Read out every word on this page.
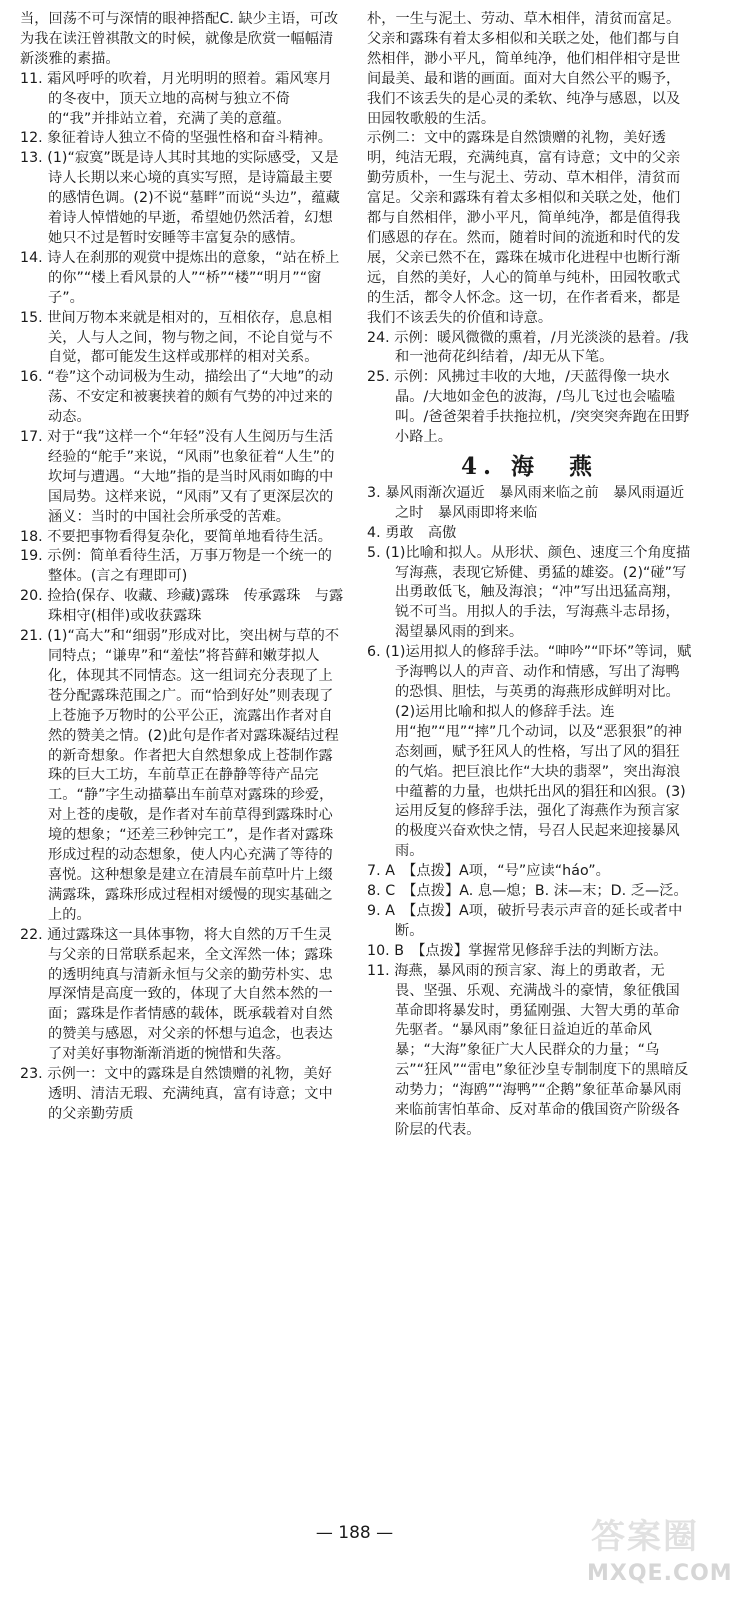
当，回荡不可与深情的眼神搭配C. 缺少主语，可改为我在读汪曾祺散文的时候，就像是欣赏一幅幅清新淡雅的素描。

11. 霜风呼呼的吹着，月光明明的照着。霜风寒月的冬夜中，顶天立地的高树与独立不倚的“我”并排站立着，充满了美的意蕴。

12. 象征着诗人独立不倚的坚强性格和奋斗精神。

13. (1)“寂寞”既是诗人其时其地的实际感受，又是诗人长期以来心境的真实写照，是诗篇最主要的感情色调。(2)不说“墓畔”而说“头边”，蕴藏着诗人悼惜她的早逝，希望她仍然活着，幻想她只不过是暂时安睡等丰富复杂的感情。

14. 诗人在刹那的观赏中提炼出的意象，“站在桥上的你”“楼上看风景的人”“桥”“楼”“明月”“窗子”。

15. 世间万物本来就是相对的，互相依存，息息相关，人与人之间，物与物之间，不论自觉与不自觉，都可能发生这样或那样的相对关系。

16. “卷”这个动词极为生动，描绘出了“大地”的动荡、不安定和被裹挟着的颇有气势的冲过来的动态。

17. 对于“我”这样一个“年轻”没有人生阅历与生活经验的“舵手”来说，“风雨”也象征着“人生”的坎坷与遭遇。“大地”指的是当时风雨如晦的中国局势。这样来说，“风雨”又有了更深层次的涵义：当时的中国社会所承受的苦难。

18. 不要把事物看得复杂化，要简单地看待生活。

19. 示例：简单看待生活，万事万物是一个统一的整体。(言之有理即可)

20. 捡拾(保存、收藏、珍藏)露珠　传承露珠　与露珠相守(相伴)或收获露珠

21. (1)“高大”和“细弱”形成对比，突出树与草的不同特点；“谦卑”和“羞怯”将苔藓和嫩芽拟人化，体现其不同情态。这一组词充分表现了上苍分配露珠范围之广。而“恰到好处”则表现了上苍施予万物时的公平公正，流露出作者对自然的赞美之情。(2)此句是作者对露珠凝结过程的新奇想象。作者把大自然想象成上苍制作露珠的巨大工坊，车前草正在静静等待产品完工。“静”字生动描摹出车前草对露珠的珍爱，对上苍的虔敬，是作者对车前草得到露珠时心境的想象；“还差三秒钟完工”，是作者对露珠形成过程的动态想象，使人内心充满了等待的喜悦。这种想象是建立在清晨车前草叶片上缀满露珠，露珠形成过程相对缓慢的现实基础之上的。

22. 通过露珠这一具体事物，将大自然的万千生灵与父亲的日常联系起来，全文浑然一体；露珠的透明纯真与清新永恒与父亲的勤劳朴实、忠厚深情是高度一致的，体现了大自然本然的一面；露珠是作者情感的载体，既承载着对自然的赞美与感恩，对父亲的怀想与追念，也表达了对美好事物渐渐消逝的惋惜和失落。

23. 示例一：文中的露珠是自然馈赠的礼物，美好透明、清洁无瑕、充满纯真，富有诗意；文中的父亲勤劳质

朴，一生与泥土、劳动、草木相伴，清贫而富足。父亲和露珠有着太多相似和关联之处，他们都与自然相伴，渺小平凡，简单纯净，他们相伴相守是世间最美、最和谐的画面。面对大自然公平的赐予，我们不该丢失的是心灵的柔软、纯净与感恩，以及田园牧歌般的生活。

示例二：文中的露珠是自然馈赠的礼物，美好透明，纯洁无瑕，充满纯真，富有诗意；文中的父亲勤劳质朴，一生与泥土、劳动、草木相伴，清贫而富足。父亲和露珠有着太多相似和关联之处，他们都与自然相伴，渺小平凡，简单纯净，都是值得我们感恩的存在。然而，随着时间的流逝和时代的发展，父亲已然不在，露珠在城市化进程中也断行渐远，自然的美好，人心的简单与纯朴，田园牧歌式的生活，都令人怀念。这一切，在作者看来，都是我们不该丢失的价值和诗意。

24. 示例：暖风微微的熏着，/月光淡淡的悬着。/我和一池荷花纠结着，/却无从下笔。

25. 示例：风拂过丰收的大地，/天蓝得像一块水晶。/大地如金色的波海，/鸟儿飞过也会嗑嗑叫。/爸爸架着手扶拖拉机，/突突突奔跑在田野小路上。

4. 海　燕

3. 暴风雨渐次逼近　暴风雨来临之前　暴风雨逼近之时　暴风雨即将来临

4. 勇敢　高傲

5. (1)比喻和拟人。从形状、颜色、速度三个角度描写海燕，表现它矫健、勇猛的雄姿。(2)“碰”写出勇敢低飞，触及海浪；“冲”写出迅猛高翔，锐不可当。用拟人的手法，写海燕斗志昂扬，渴望暴风雨的到来。

6. (1)运用拟人的修辞手法。“呻吟”“吓坏”等词，赋予海鸭以人的声音、动作和情感，写出了海鸭的恐惧、胆怯，与英勇的海燕形成鲜明对比。(2)运用比喻和拟人的修辞手法。连用“抱”“甩”“摔”几个动词，以及“恶狠狠”的神态刻画，赋予狂风人的性格，写出了风的猖狂的气焰。把巨浪比作“大块的翡翠”，突出海浪中蕴蓄的力量，也烘托出风的猖狂和凶狠。(3)运用反复的修辞手法，强化了海燕作为预言家的极度兴奋欢快之情，号召人民起来迎接暴风雨。

7. A　【点拨】A项，“号”应读“háo”。

8. C　【点拨】A. 息—熄；B. 沫—末；D. 乏—泛。

9. A　【点拨】A项，破折号表示声音的延长或者中断。

10. B　【点拨】掌握常见修辞手法的判断方法。

11. 海燕，暴风雨的预言家、海上的勇敢者，无畏、坚强、乐观、充满战斗的豪情，象征俄国革命即将暴发时，勇猛刚强、大智大勇的革命先驱者。“暴风雨”象征日益迫近的革命风暴；“大海”象征广大人民群众的力量；“乌云”“狂风”“雷电”象征沙皇专制制度下的黑暗反动势力；“海鸥”“海鸭”“企鹅”象征革命暴风雨来临前害怕革命、反对革命的俄国资产阶级各阶层的代表。

— 188 —	答案圈
MXQE.COM
